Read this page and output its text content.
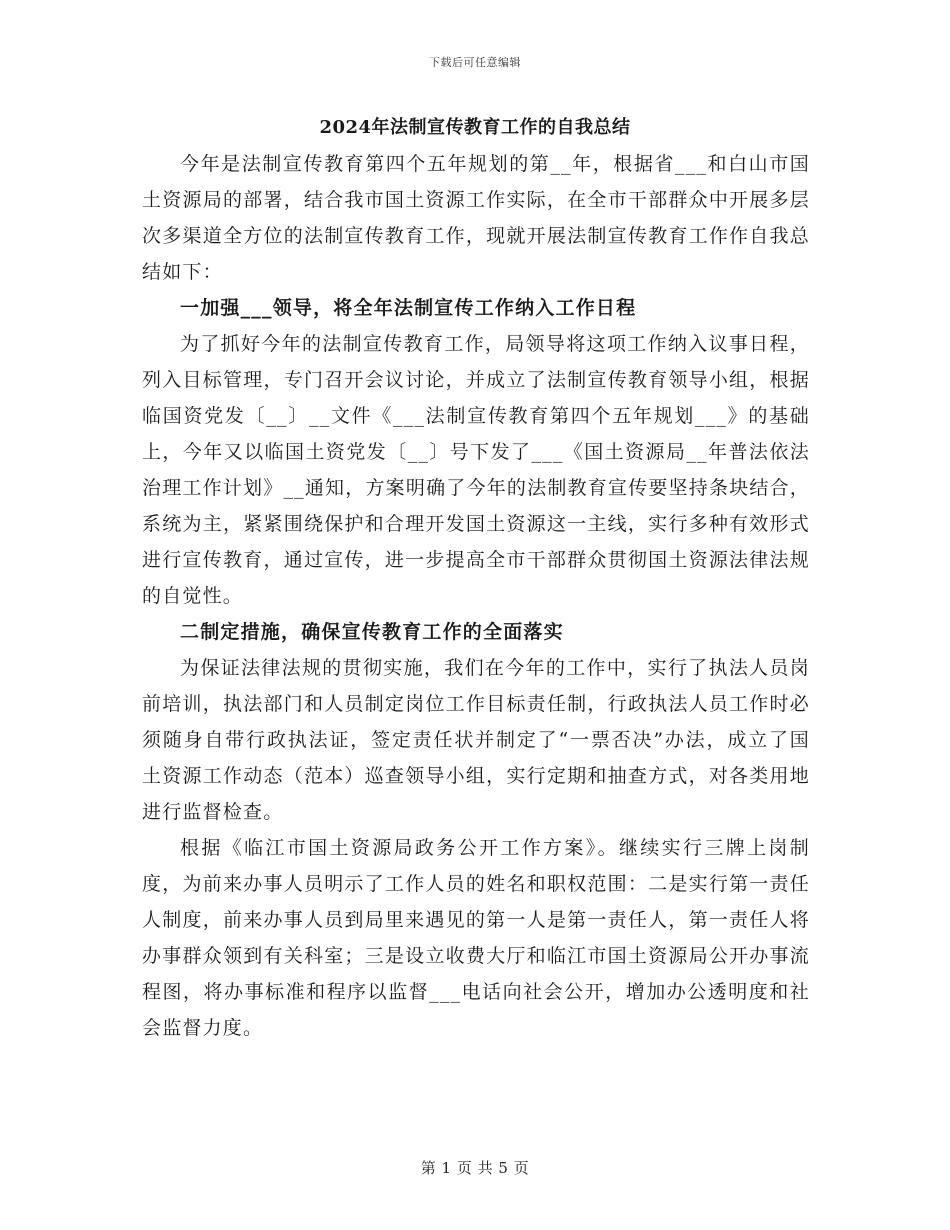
下载后可任意编辑
2024年法制宣传教育工作的自我总结

今年是法制宣传教育第四个五年规划的第__年，根据省___和白山市国土资源局的部署，结合我市国土资源工作实际，在全市干部群众中开展多层次多渠道全方位的法制宣传教育工作，现就开展法制宣传教育工作作自我总结如下：

一加强___领导，将全年法制宣传工作纳入工作日程

为了抓好今年的法制宣传教育工作，局领导将这项工作纳入议事日程，列入目标管理，专门召开会议讨论，并成立了法制宣传教育领导小组，根据临国资党发〔__〕__文件《___法制宣传教育第四个五年规划___》的基础上，今年又以临国土资党发〔__〕号下发了___《国土资源局__年普法依法治理工作计划》__通知，方案明确了今年的法制教育宣传要坚持条块结合，系统为主，紧紧围绕保护和合理开发国土资源这一主线，实行多种有效形式进行宣传教育，通过宣传，进一步提高全市干部群众贯彻国土资源法律法规的自觉性。

二制定措施，确保宣传教育工作的全面落实

为保证法律法规的贯彻实施，我们在今年的工作中，实行了执法人员岗前培训，执法部门和人员制定岗位工作目标责任制，行政执法人员工作时必须随身自带行政执法证，签定责任状并制定了“一票否决”办法，成立了国土资源工作动态（范本）巡查领导小组，实行定期和抽查方式，对各类用地进行监督检查。

根据《临江市国土资源局政务公开工作方案》。继续实行三牌上岗制度，为前来办事人员明示了工作人员的姓名和职权范围：二是实行第一责任人制度，前来办事人员到局里来遇见的第一人是第一责任人，第一责任人将办事群众领到有关科室；三是设立收费大厅和临江市国土资源局公开办事流程图，将办事标准和程序以监督___电话向社会公开，增加办公透明度和社会监督力度。

第 1 页 共 5 页
